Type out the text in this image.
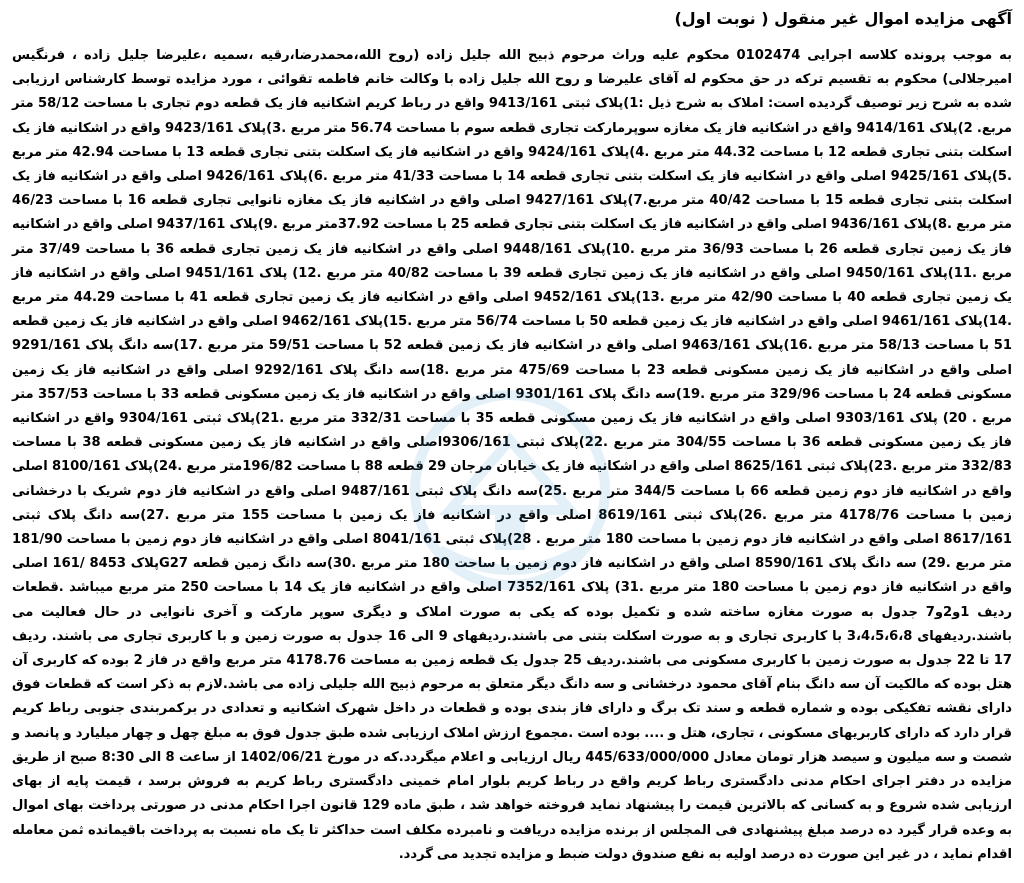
آگهی مزایده اموال غیر منقول ( نوبت اول)

به موجب پرونده کلاسه اجرایی 0102474 محکوم علیه وراث مرحوم ذبیح الله جلیل زاده (روح الله،محمدرضا،رقیه ،سمیه ،علیرضا جلیل زاده ، فرنگیس امیرجلالی) محکوم به تقسیم ترکه در حق محکوم له آقای علیرضا و روح الله جلیل زاده با وکالت خانم فاطمه تقوائی ، مورد مزایده توسط کارشناس ارزیابی شده به شرح زیر توصیف گردیده است: املاک به شرح ذیل :1)پلاک ثبتی 9413/161 واقع در رباط کریم اشکانیه فاز یک قطعه دوم تجاری با مساحت 58/12 متر مربع. 2)پلاک 9414/161 واقع در اشکانیه فاز یک مغازه سوپرمارکت تجاری قطعه سوم با مساحت 56.74 متر مربع .3)پلاک 9423/161 واقع در اشکانیه فاز یک اسکلت بتنی تجاری قطعه 12 با مساحت 44.32 متر مربع .4)پلاک 9424/161 واقع در اشکانیه فاز یک اسکلت بتنی تجاری قطعه 13 با مساحت 42.94 متر مربع .5)پلاک 9425/161 اصلی واقع در اشکانیه فاز یک اسکلت بتنی تجاری قطعه 14 با مساحت 41/33 متر مربع .6)پلاک 9426/161 اصلی واقع در اشکانیه فاز یک اسکلت بتنی تجاری قطعه 15 با مساحت 40/42 متر مربع.7)پلاک 9427/161 اصلی واقع در اشکانیه فاز یک مغازه نانوایی تجاری قطعه 16 با مساحت 46/23 متر مربع .8)پلاک 9436/161 اصلی واقع در اشکانیه فاز یک اسکلت بتنی تجاری قطعه 25 با مساحت 37.92متر مربع .9)پلاک 9437/161 اصلی واقع در اشکانیه فاز یک زمین تجاری قطعه 26 با مساحت 36/93 متر مربع .10)پلاک 9448/161 اصلی واقع در اشکانیه فاز یک زمین تجاری قطعه 36 با مساحت 37/49 متر مربع .11)پلاک 9450/161 اصلی واقع در اشکانیه فاز یک زمین تجاری قطعه 39 با مساحت 40/82 متر مربع .12) پلاک 9451/161 اصلی واقع در اشکانیه فاز یک زمین تجاری قطعه 40 با مساحت 42/90 متر مربع .13)پلاک 9452/161 اصلی واقع در اشکانیه فاز یک زمین تجاری قطعه 41 با مساحت 44.29 متر مربع .14)پلاک 9461/161 اصلی واقع در اشکانیه فاز یک زمین قطعه 50 با مساحت 56/74 متر مربع .15)پلاک 9462/161 اصلی واقع در اشکانیه فاز یک زمین قطعه 51 با مساحت 58/13 متر مربع .16)پلاک 9463/161 اصلی واقع در اشکانیه فاز یک زمین قطعه 52 با مساحت 59/51 متر مربع .17)سه دانگ پلاک 9291/161 اصلی واقع در اشکانیه فاز یک زمین مسکونی قطعه 23 با مساحت 475/69 متر مربع .18)سه دانگ پلاک 9292/161 اصلی واقع در اشکانیه فاز یک زمین مسکونی قطعه 24 با مساحت 329/96 متر مربع .19)سه دانگ پلاک 9301/161 اصلی واقع در اشکانیه فاز یک زمین مسکونی قطعه 33 با مساحت 357/53 متر مربع . 20) پلاک 9303/161 اصلی واقع در اشکانیه فاز یک زمین مسکونی قطعه 35 با مساحت 332/31 متر مربع .21)پلاک ثبتی 9304/161 واقع در اشکانیه فاز یک زمین مسکونی قطعه 36 با مساحت 304/55 متر مربع .22)پلاک ثبتی 9306/161اصلی واقع در اشکانیه فاز یک زمین مسکونی قطعه 38 با مساحت 332/83 متر مربع .23)پلاک ثبتی 8625/161 اصلی واقع در اشکانیه فاز یک خیابان مرجان 29 قطعه 88 با مساحت 196/82متر مربع .24)پلاک 8100/161 اصلی واقع در اشکانیه فاز دوم زمین قطعه 66 با مساحت 344/5 متر مربع .25)سه دانگ پلاک ثبتی 9487/161 اصلی واقع در اشکانیه فاز دوم شریک با درخشانی زمین با مساحت 4178/76 متر مربع .26)پلاک ثبتی 8619/161 اصلی واقع در اشکانیه فاز یک زمین با مساحت 155 متر مربع .27)سه دانگ پلاک ثبتی 8617/161 اصلی واقع در اشکانیه فاز دوم زمین با مساحت 180 متر مربع . 28)پلاک ثبتی 8041/161 اصلی واقع در اشکانیه فاز دوم زمین با مساحت 181/90 متر مربع .29) سه دانگ پلاک 8590/161 اصلی واقع در اشکانیه فاز دوم زمین با ساحت 180 متر مربع .30)سه دانگ زمین قطعه G27پلاک 8453 /161 اصلی واقع در اشکانیه فاز دوم زمین با مساحت 180 متر مربع .31) پلاک 7352/161 اصلی واقع در اشکانیه فاز یک 14 با مساحت 250 متر مربع میباشد .قطعات ردیف 1و2و7 جدول به صورت مغازه ساخته شده و تکمیل بوده که یکی به صورت املاک و دیگری سوپر مارکت و آخری نانوایی در حال فعالیت می باشند.ردیفهای 3،4،5،6،8 با کاربری تجاری و به صورت اسکلت بتنی می باشند.ردیفهای 9 الی 16 جدول به صورت زمین و با کاربری تجاری می باشند. ردیف 17 تا 22 جدول به صورت زمین با کاربری مسکونی می باشند.ردیف 25 جدول یک قطعه زمین به مساحت 4178.76 متر مربع واقع در فاز 2 بوده که کاربری آن هتل بوده که مالکیت آن سه دانگ بنام آقای محمود درخشانی و سه دانگ دیگر متعلق به مرحوم ذبیح الله جلیلی زاده می باشد.لازم به ذکر است که قطعات فوق دارای نقشه تفکیکی بوده و شماره قطعه و سند تک برگ و دارای فاز بندی بوده و قطعات در داخل شهرک اشکانیه و تعدادی در برکمربندی جنوبی رباط کریم قرار دارد که دارای کاربریهای مسکونی ، تجاری، هتل و .... بوده است .مجموع ارزش املاک ارزیابی شده طبق جدول فوق به مبلغ چهل و چهار میلیارد و پانصد و شصت و سه میلیون و سیصد هزار تومان معادل 445/633/000/000 ریال ارزیابی و اعلام میگردد.که در مورخ 1402/06/21 از ساعت 8 الی 8:30 صبح از طریق مزایده در دفتر اجرای احکام مدنی دادگستری رباط کریم واقع در رباط کریم بلوار امام خمینی دادگستری رباط کریم به فروش برسد ، قیمت پایه از بهای ارزیابی شده شروع و به کسانی که بالاترین قیمت را پیشنهاد نماید فروخته خواهد شد ، طبق ماده 129 قانون اجرا احکام مدنی در صورتی پرداخت بهای اموال به وعده قرار گیرد ده درصد مبلغ پیشنهادی فی المجلس از برنده مزایده دریافت و نامبرده مکلف است حداکثر تا یک ماه نسبت به پرداخت باقیمانده ثمن معامله اقدام نماید ، در غیر این صورت ده درصد اولیه به نفع صندوق دولت ضبط و مزایده تجدید می گردد.
